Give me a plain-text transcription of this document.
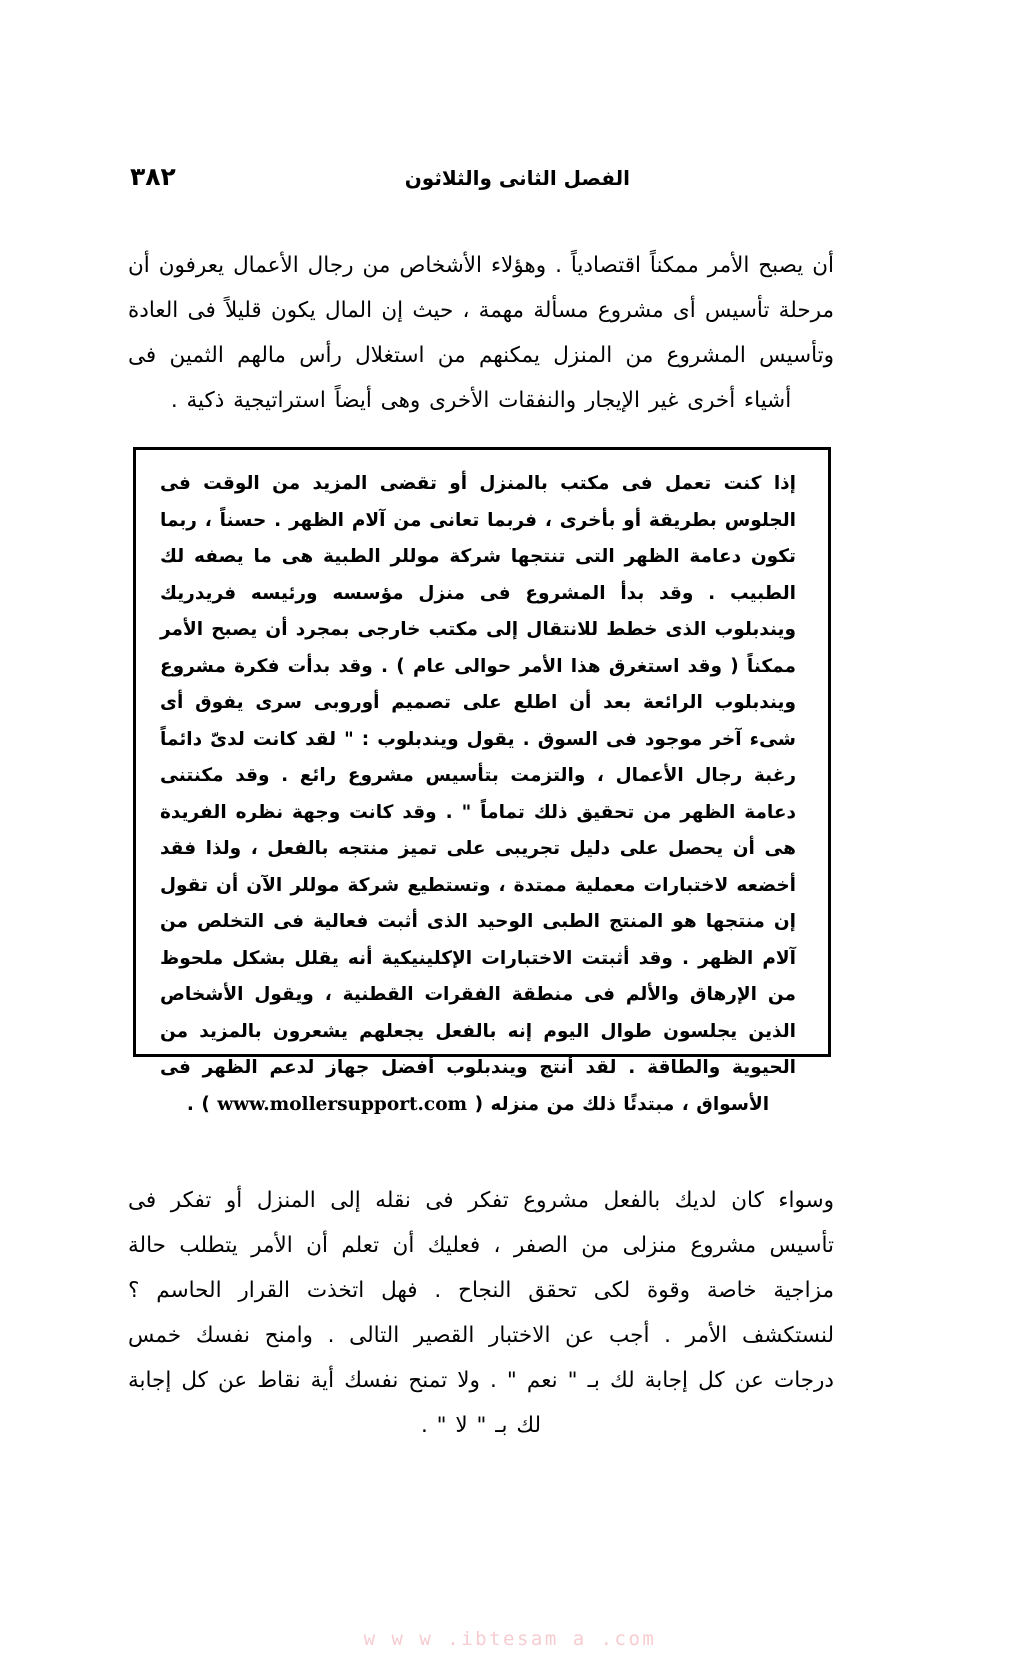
الفصل الثانى والثلاثون
٣٨٢

أن يصبح الأمر ممكناً اقتصادياً . وهؤلاء الأشخاص من رجال الأعمال يعرفون أن مرحلة تأسيس أى مشروع مسألة مهمة ، حيث إن المال يكون قليلاً فى العادة وتأسيس المشروع من المنزل يمكنهم من استغلال رأس مالهم الثمين فى أشياء أخرى غير الإيجار والنفقات الأخرى وهى أيضاً استراتيجية ذكية .

إذا كنت تعمل فى مكتب بالمنزل أو تقضى المزيد من الوقت فى الجلوس بطريقة أو بأخرى ، فربما تعانى من آلام الظهر . حسناً ، ربما تكون دعامة الظهر التى تنتجها شركة موللر الطبية هى ما يصفه لك الطبيب . وقد بدأ المشروع فى منزل مؤسسه ورئيسه فريدريك ويندبلوب الذى خطط للانتقال إلى مكتب خارجى بمجرد أن يصبح الأمر ممكناً ( وقد استغرق هذا الأمر حوالى عام ) . وقد بدأت فكرة مشروع ويندبلوب الرائعة بعد أن اطلع على تصميم أوروبى سرى يفوق أى شىء آخر موجود فى السوق . يقول ويندبلوب : " لقد كانت لدىّ دائماً رغبة رجال الأعمال ، والتزمت بتأسيس مشروع رائع . وقد مكنتنى دعامة الظهر من تحقيق ذلك تماماً " . وقد كانت وجهة نظره الفريدة هى أن يحصل على دليل تجريبى على تميز منتجه بالفعل ، ولذا فقد أخضعه لاختبارات معملية ممتدة ، وتستطيع شركة موللر الآن أن تقول إن منتجها هو المنتج الطبى الوحيد الذى أثبت فعالية فى التخلص من آلام الظهر . وقد أثبتت الاختبارات الإكلينيكية أنه يقلل بشكل ملحوظ من الإرهاق والألم فى منطقة الفقرات القطنية ، ويقول الأشخاص الذين يجلسون طوال اليوم إنه بالفعل يجعلهم يشعرون بالمزيد من الحيوية والطاقة . لقد أنتج ويندبلوب أفضل جهاز لدعم الظهر فى الأسواق ، مبتدئًا ذلك من منزله ( www.mollersupport.com ) .

وسواء كان لديك بالفعل مشروع تفكر فى نقله إلى المنزل أو تفكر فى تأسيس مشروع منزلى من الصفر ، فعليك أن تعلم أن الأمر يتطلب حالة مزاجية خاصة وقوة لكى تحقق النجاح . فهل اتخذت القرار الحاسم ؟ لنستكشف الأمر . أجب عن الاختبار القصير التالى . وامنح نفسك خمس درجات عن كل إجابة لك بـ " نعم " . ولا تمنح نفسك أية نقاط عن كل إجابة لك بـ " لا " .

w w w .ibtesam a .com
